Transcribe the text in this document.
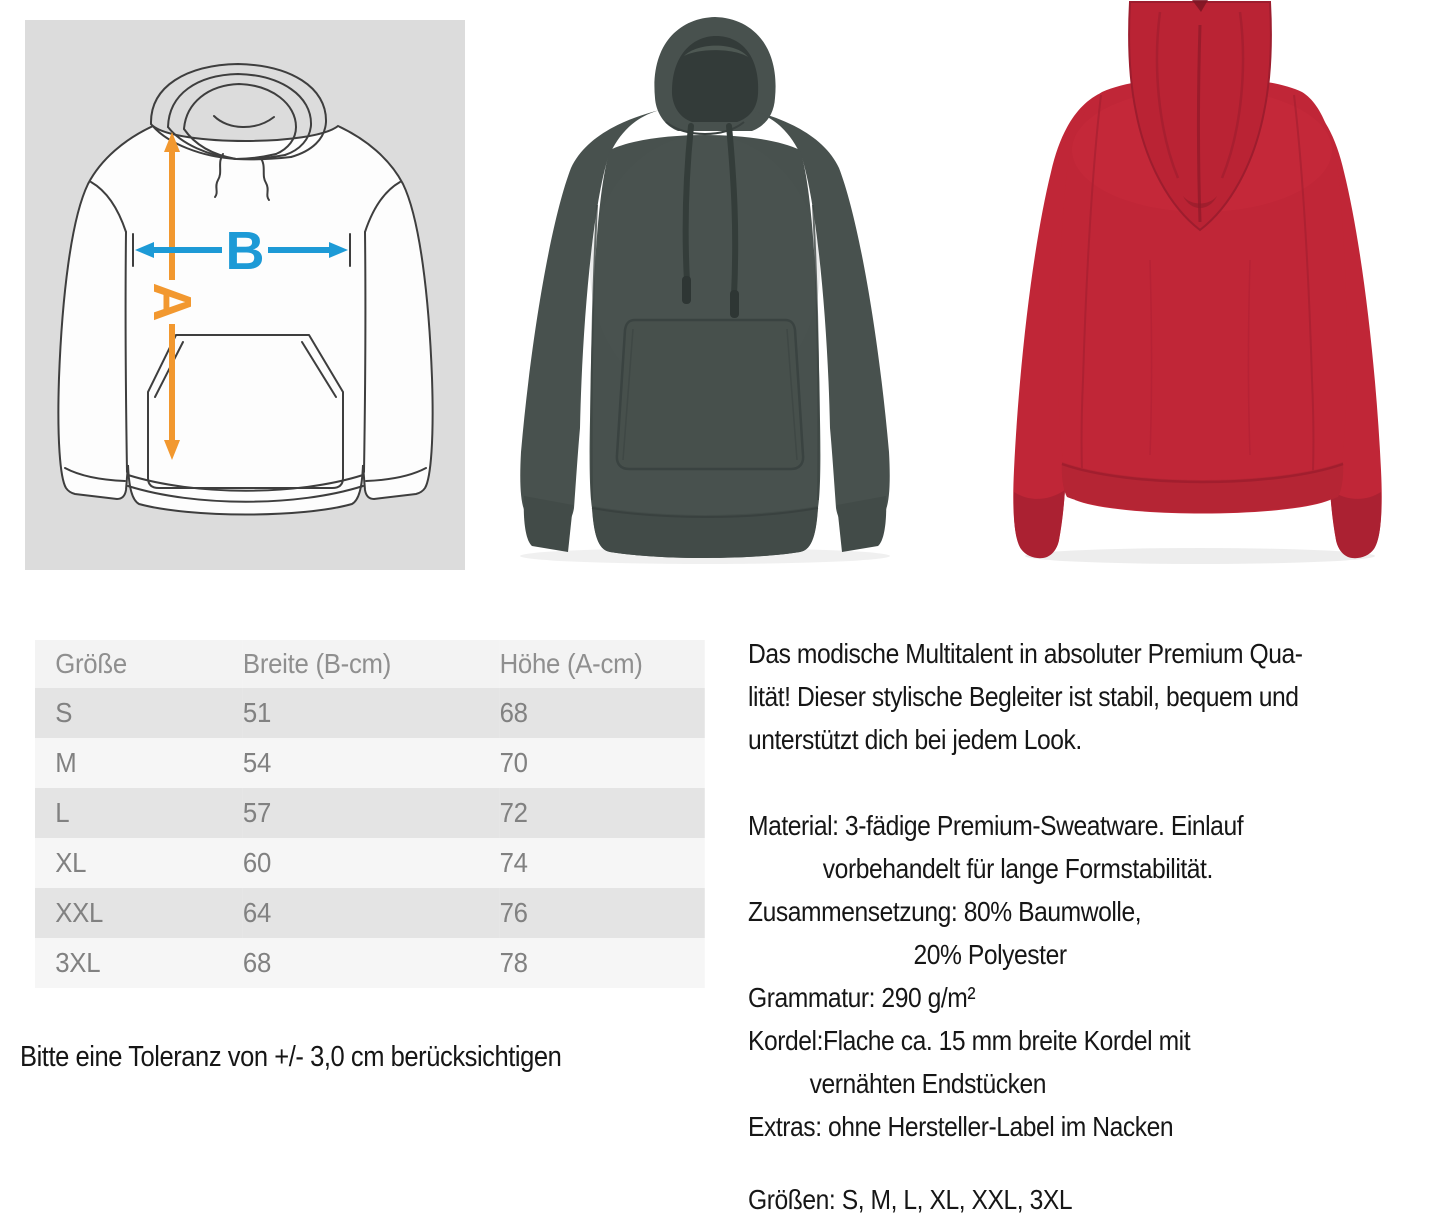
A
B
Größe	Breite (B-cm)	Höhe (A-cm)
S	51	68
M	54	70
L	57	72
XL	60	74
XXL	64	76
3XL	68	78
Bitte eine Toleranz von +/- 3,0 cm berücksichtigen
Das modische Multitalent in absoluter Premium Qua-
lität! Dieser stylische Begleiter ist stabil, bequem und
unterstützt dich bei jedem Look.
Material: 3-fädige Premium-Sweatware. Einlauf
vorbehandelt für lange Formstabilität.
Zusammensetzung: 80% Baumwolle,
20% Polyester
Grammatur: 290 g/m²
Kordel:Flache ca. 15 mm breite Kordel mit
vernähten Endstücken
Extras: ohne Hersteller-Label im Nacken
Größen: S, M, L, XL, XXL, 3XL
